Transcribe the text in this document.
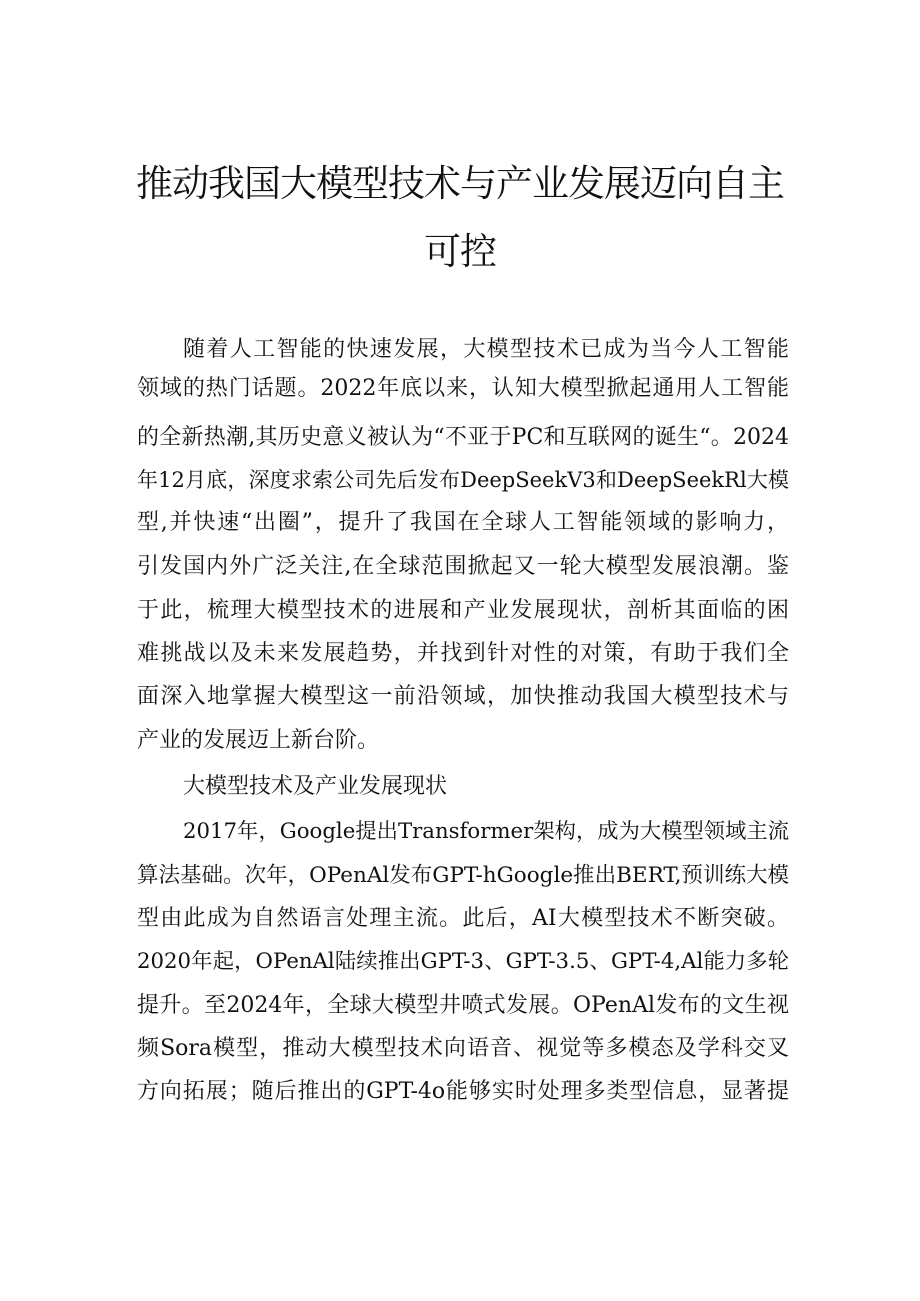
推动我国大模型技术与产业发展迈向自主
可控

随着人工智能的快速发展，大模型技术已成为当今人工智能

领域的热门话题。2022年底以来，认知大模型掀起通用人工智能

的全新热潮,其历史意义被认为“不亚于PC和互联网的诞生“。2024

年12月底，深度求索公司先后发布DeepSeekV3和DeepSeekRl大模

型,并快速“出圈”，提升了我国在全球人工智能领域的影响力，

引发国内外广泛关注,在全球范围掀起又一轮大模型发展浪潮。鉴

于此，梳理大模型技术的进展和产业发展现状，剖析其面临的困

难挑战以及未来发展趋势，并找到针对性的对策，有助于我们全

面深入地掌握大模型这一前沿领域，加快推动我国大模型技术与

产业的发展迈上新台阶。

大模型技术及产业发展现状

2017年，Google提出Transformer架构，成为大模型领域主流

算法基础。次年，OPenAl发布GPT-hGoogle推出BERT,预训练大模

型由此成为自然语言处理主流。此后，AI大模型技术不断突破。

2020年起，OPenAl陆续推出GPT-3、GPT-3.5、GPT-4,Al能力多轮

提升。至2024年，全球大模型井喷式发展。OPenAl发布的文生视

频Sora模型，推动大模型技术向语音、视觉等多模态及学科交叉

方向拓展；随后推出的GPT-4o能够实时处理多类型信息，显著提
